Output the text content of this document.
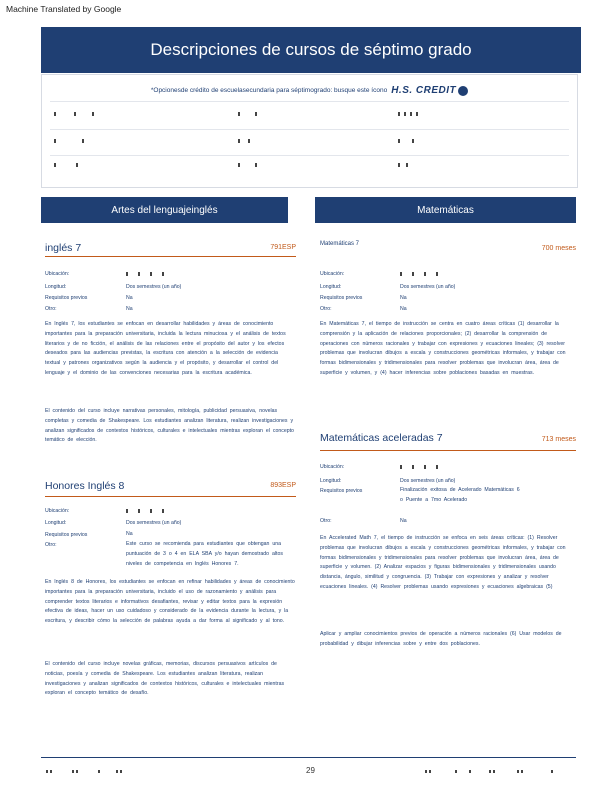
Machine Translated by Google
Descripciones de cursos de séptimo grado
*Opcionesde crédito de escuelasecundaria para séptimogrado: busque este ícono H.S. CREDIT
Artes del lenguajeinglés	Matemáticas
inglés 7	791ESP
Ubicación:
Longitud:	Dos semestres (un año)
Requisitos previos	Na
Otro:	Na
En Inglés 7, los estudiantes se enfocan en desarrollar habilidades y áreas de conocimiento importantes para la preparación universitaria, incluida la lectura minuciosa y el análisis de textos literarios y de no ficción, el análisis de las relaciones entre el propósito del autor y los efectos deseados para las audiencias previstas, la escritura con atención a la selección de evidencia textual y patrones organizativos según la audiencia y el propósito, y desarrollar el control del lenguaje y el dominio de las convenciones necesarias para la escritura académica.
El contenido del curso incluye narrativas personales, mitología, publicidad persuasiva, novelas completas y comedia de Shakespeare. Los estudiantes analizan literatura, realizan investigaciones y analizan significados de contextos históricos, culturales e intelectuales mientras exploran el concepto temático de elección.
Honores Inglés 8	893ESP
Ubicación:
Longitud:	Dos semestres (un año)
Requisitos previos	Na
Otro:	Este curso se recomienda para estudiantes que obtengan una puntuación de 3 o 4 en ELA SBA y/o hayan demostrado altos niveles de competencia en Inglés Honores 7.
En Inglés 8 de Honores, los estudiantes se enfocan en refinar habilidades y áreas de conocimiento importantes para la preparación universitaria, incluido el uso de razonamiento y análisis para comprender textos literarios e informativos desafiantes, revisar y editar textos para la expresión efectiva de ideas, hacer un uso cuidadoso y considerado de la evidencia durante la lectura, y la escritura, y describir cómo la selección de palabras ayuda a dar forma al significado y al tono.
El contenido del curso incluye novelas gráficas, memorias, discursos persuasivos artículos de noticias, poesía y comedia de Shakespeare. Los estudiantes analizan literatura, realizan investigaciones y analizan significados de contextos históricos, culturales e intelectuales mientras exploran el concepto temático de desafío.
Matemáticas 7
700 meses
Ubicación:
Longitud:	Dos semestres (un año)
Requisitos previos	Na
Otro:	Na
En Matemáticas 7, el tiempo de instrucción se centra en cuatro áreas críticas (1) desarrollar la comprensión y la aplicación de relaciones proporcionales; (2) desarrollar la comprensión de operaciones con números racionales y trabajar con expresiones y ecuaciones lineales; (3) resolver problemas que involucran dibujos a escala y construcciones geométricas informales, y trabajar con formas bidimensionales y tridimensionales para resolver problemas que involucran área, área de superficie y volumen, y (4) hacer inferencias sobre poblaciones basadas en muestras.
Matemáticas aceleradas 7	713 meses
Ubicación:
Longitud:	Dos semestres (un año)
Requisitos previos	Finalización exitosa de Acelerado Matemáticas 6 o Puente a 7mo Acelerado
Otro:	Na
En Accelerated Math 7, el tiempo de instrucción se enfoca en seis áreas críticas: (1) Resolver problemas que involucran dibujos a escala y construcciones geométricas informales, y trabajar con formas bidimensionales y tridimensionales para resolver problemas que involucran área, área de superficie y volumen. (2) Analizar espacios y figuras bidimensionales y tridimensionales usando distancia, ángulo, similitud y congruencia. (3) Trabajar con expresiones y analizar y resolver ecuaciones lineales. (4) Resolver problemas usando expresiones y ecuaciones algebraicas (5)
Aplicar y ampliar conocimientos previos de operación a números racionales (6) Usar modelos de probabilidad y dibujar inferencias sobre y entre dos poblaciones.
29
